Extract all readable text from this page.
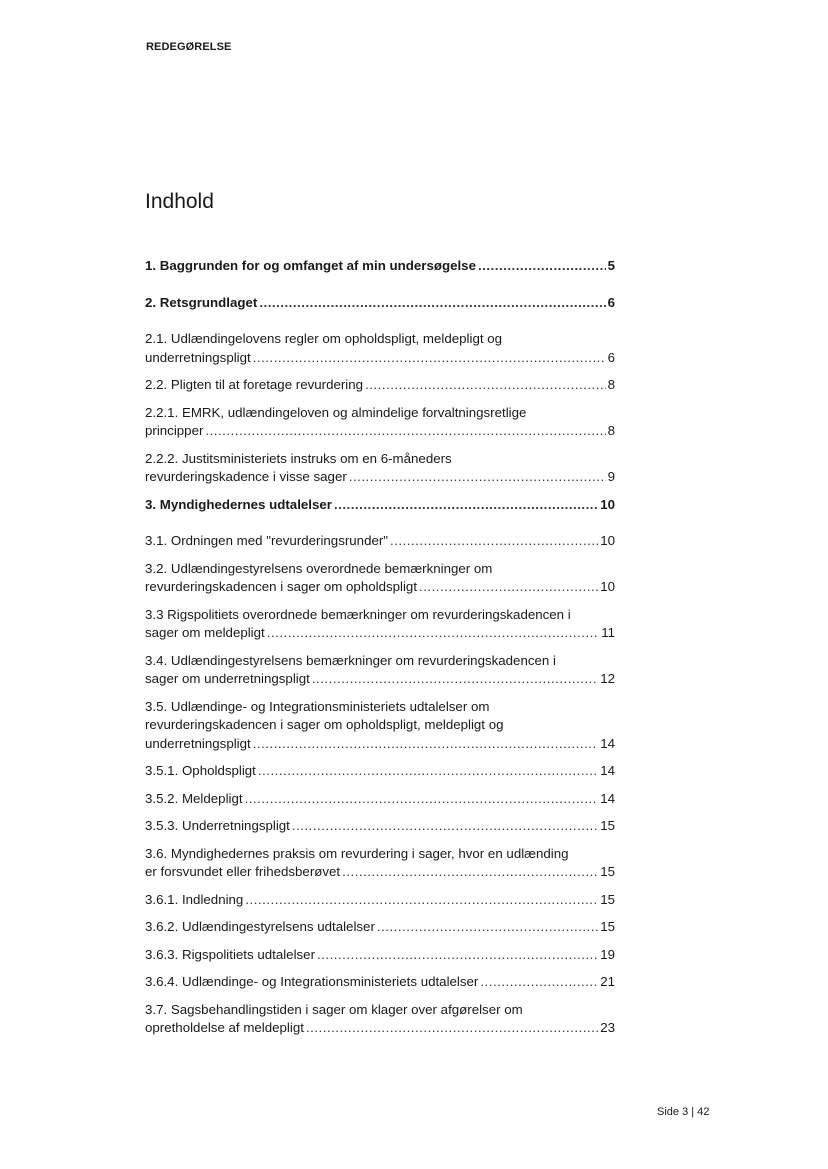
REDEGØRELSE
Indhold
1. Baggrunden for og omfanget af min undersøgelse .....	5
2. Retsgrundlaget .....	6
2.1. Udlændingelovens regler om opholdspligt, meldepligt og
underretningspligt .....	6
2.2. Pligten til at foretage revurdering .....	8
2.2.1. EMRK, udlændingeloven og almindelige forvaltningsretlige
principper .....	8
2.2.2. Justitsministeriets instruks om en 6-måneders
revurderingskadence i visse sager .....	9
3. Myndighedernes udtalelser .....	10
3.1. Ordningen med "revurderingsrunder" .....	10
3.2. Udlændingestyrelsens overordnede bemærkninger om
revurderingskadencen i sager om opholdspligt .....	10
3.3 Rigspolitiets overordnede bemærkninger om revurderingskadencen i
sager om meldepligt .....	11
3.4. Udlændingestyrelsens bemærkninger om revurderingskadencen i
sager om underretningspligt .....	12
3.5. Udlændinge- og Integrationsministeriets udtalelser om
revurderingskadencen i sager om opholdspligt, meldepligt og
underretningspligt .....	14
3.5.1. Opholdspligt .....	14
3.5.2. Meldepligt .....	14
3.5.3. Underretningspligt .....	15
3.6. Myndighedernes praksis om revurdering i sager, hvor en udlænding
er forsvundet eller frihedsberøvet .....	15
3.6.1. Indledning .....	15
3.6.2. Udlændingestyrelsens udtalelser .....	15
3.6.3. Rigspolitiets udtalelser .....	19
3.6.4. Udlændinge- og Integrationsministeriets udtalelser .....	21
3.7. Sagsbehandlingstiden i sager om klager over afgørelser om
opretholdelse af meldepligt .....	23
Side 3 | 42
